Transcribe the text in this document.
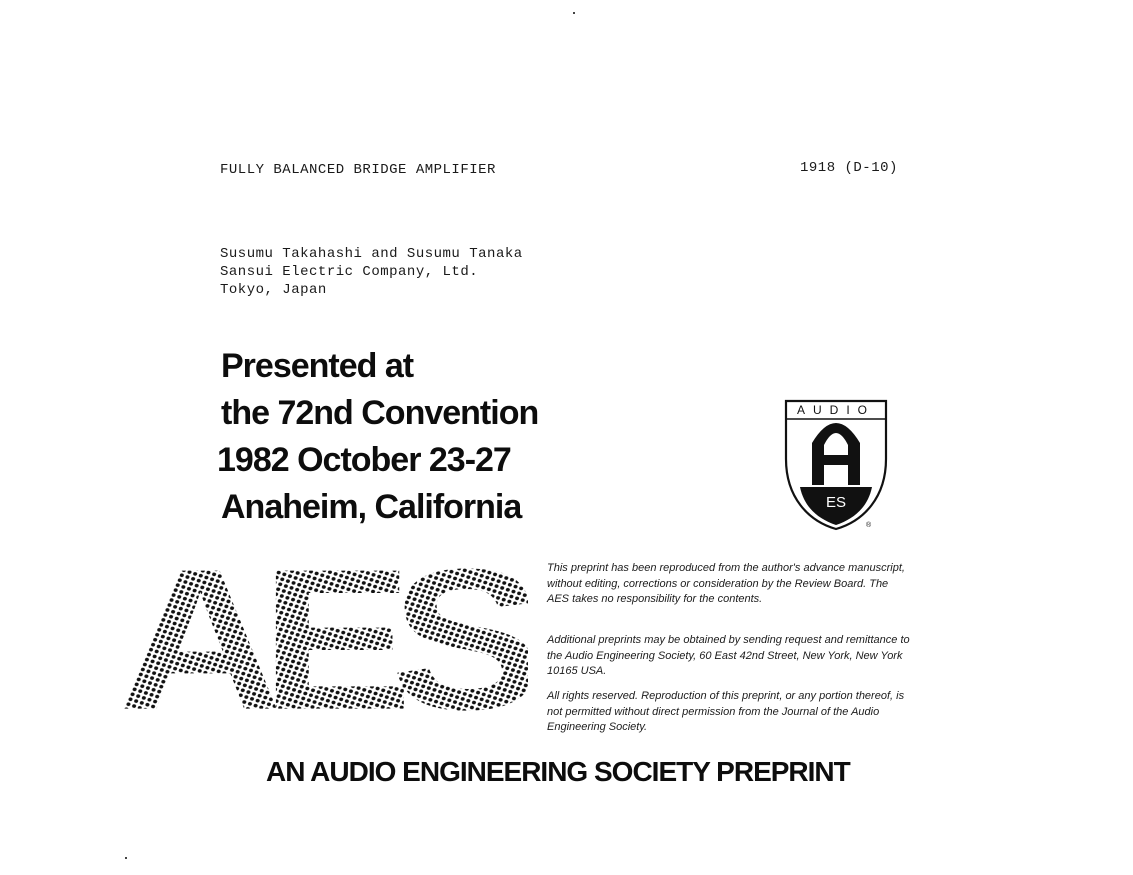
FULLY BALANCED BRIDGE AMPLIFIER	1918 (D-10)
Susumu Takahashi and Susumu Tanaka
Sansui Electric Company, Ltd.
Tokyo, Japan
Presented at
the 72nd Convention
1982 October 23-27
Anaheim, California
AUDIO
ES
®
AES	This preprint has been reproduced from the author's advance manuscript, without editing, corrections or consideration by the Review Board. The AES takes no responsibility for the contents.
Additional preprints may be obtained by sending request and remittance to the Audio Engineering Society, 60 East 42nd Street, New York, New York 10165 USA.
All rights reserved. Reproduction of this preprint, or any portion thereof, is not permitted without direct permission from the Journal of the Audio Engineering Society.
AN AUDIO ENGINEERING SOCIETY PREPRINT
